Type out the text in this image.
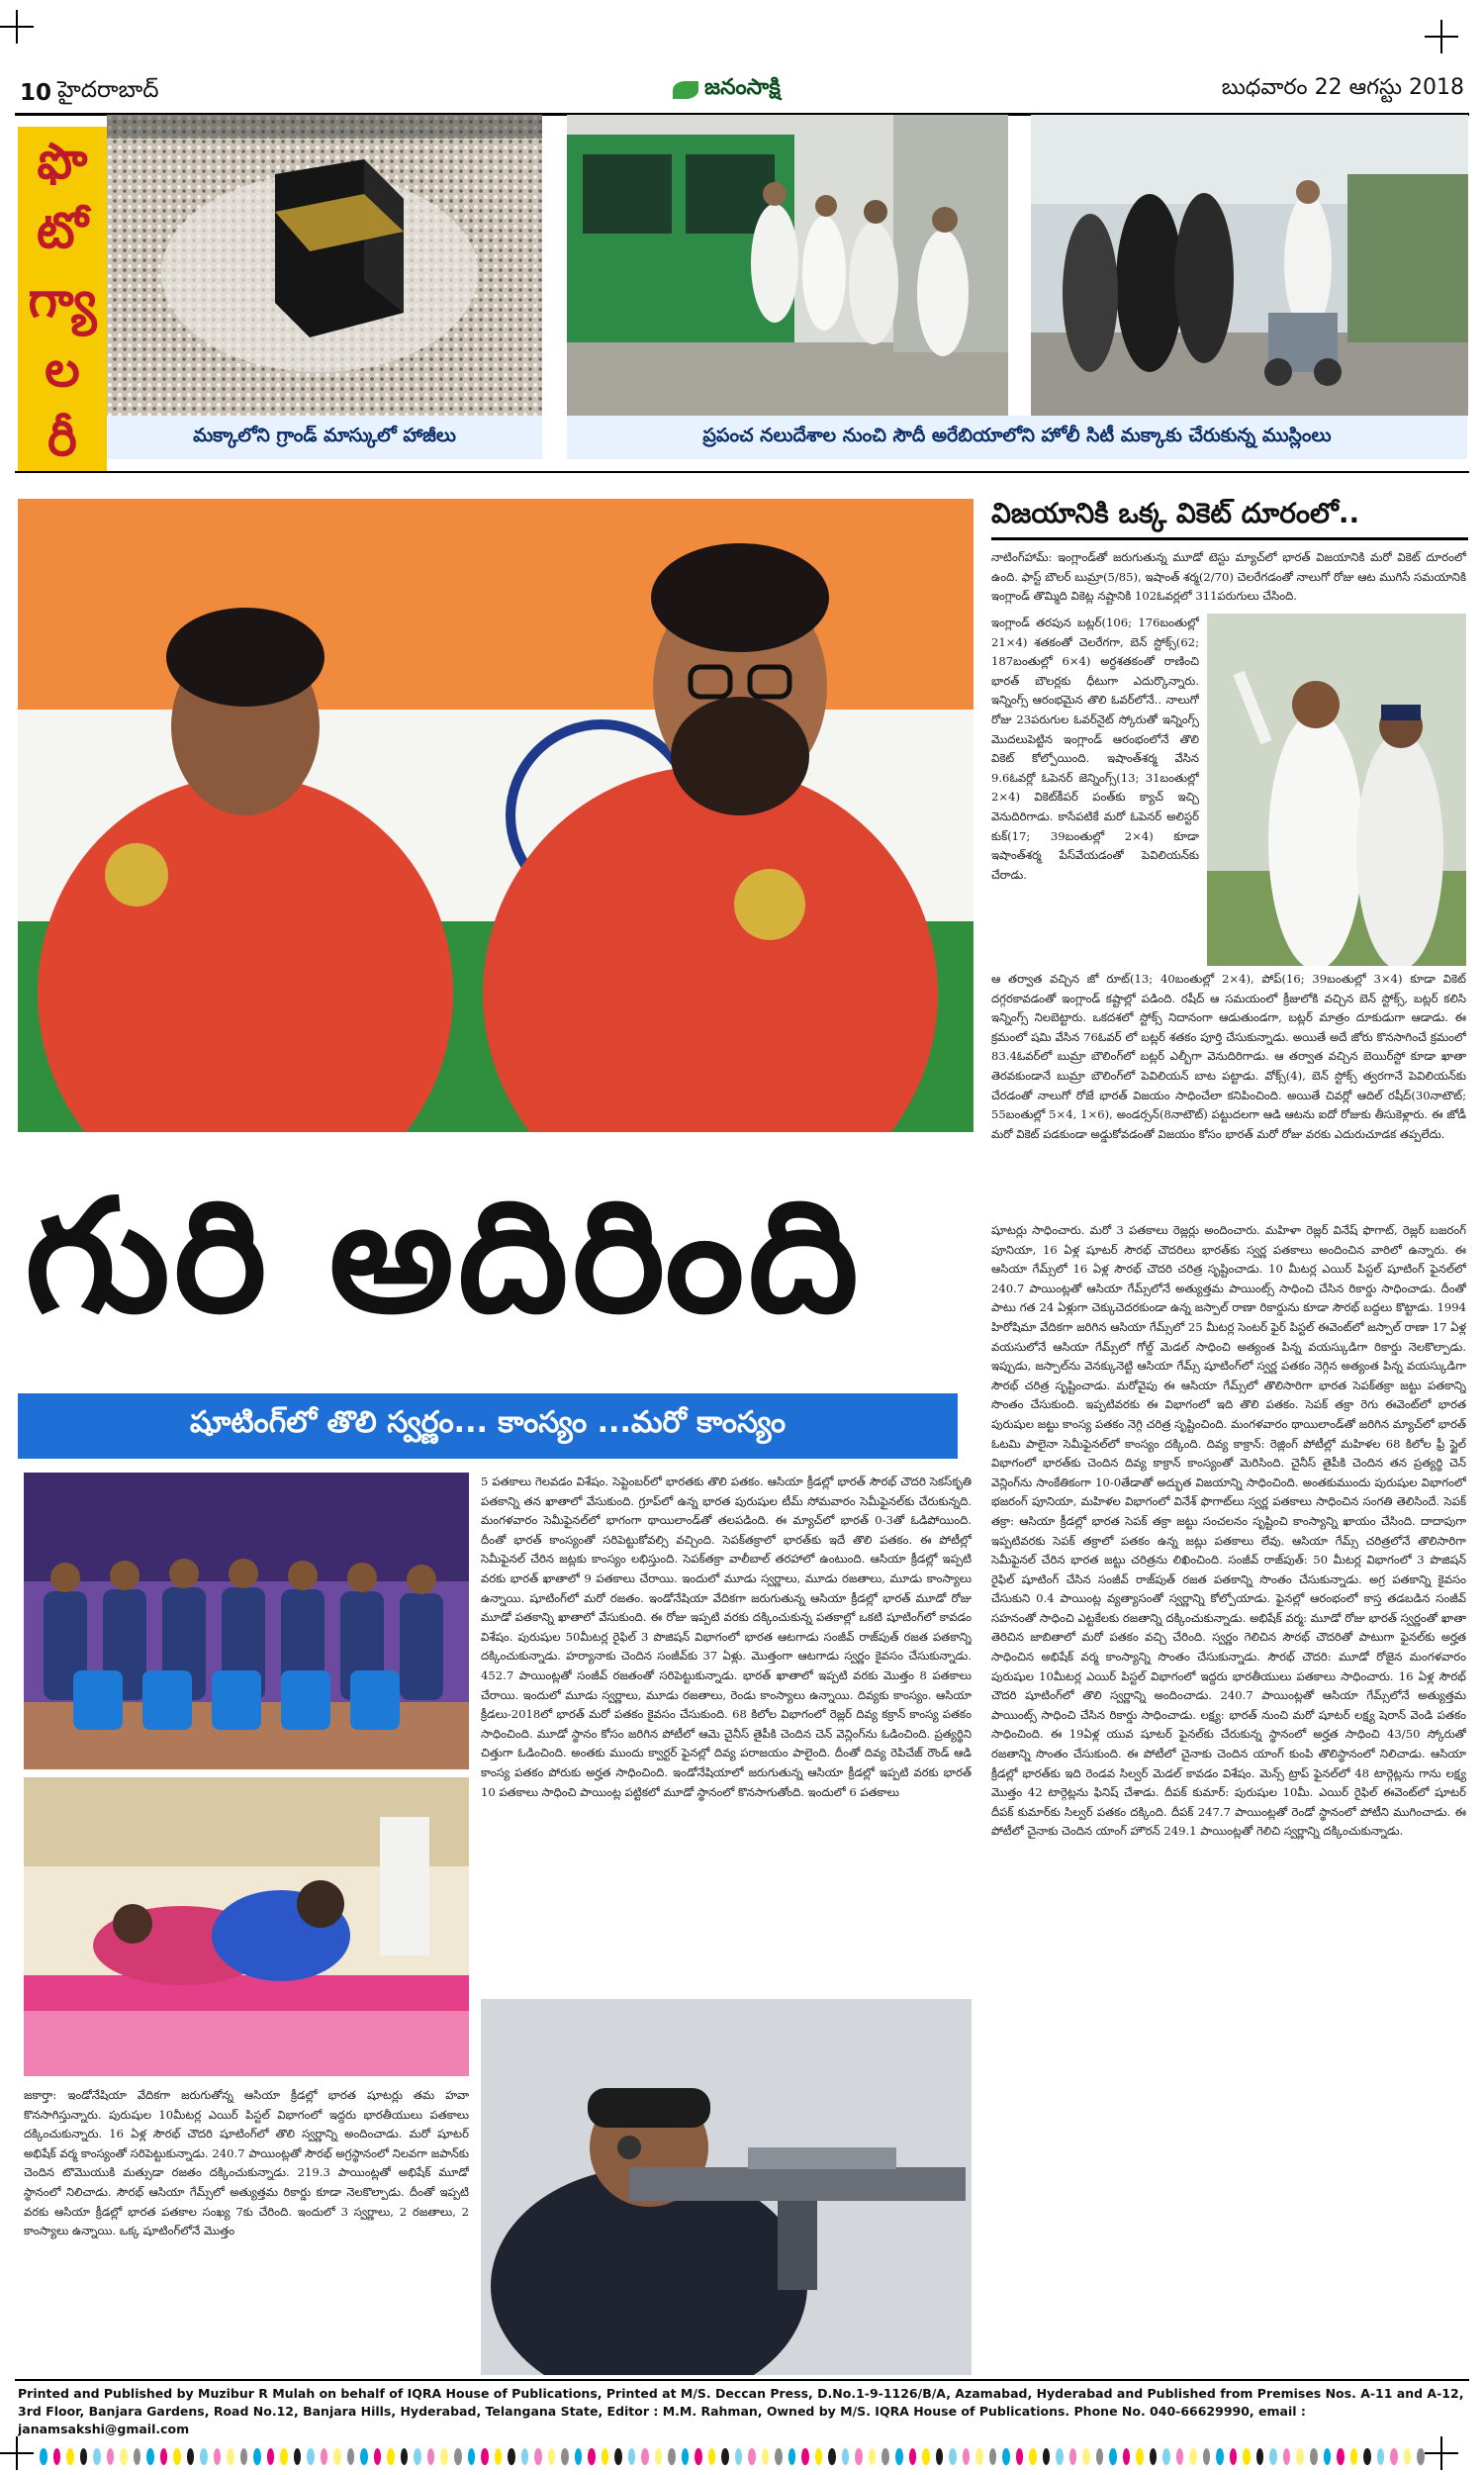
10 హైదరాబాద్	జనంసాక్షి	బుధవారం 22 ఆగస్టు 2018
ఫొ
టో
గ్యా
ల
రీ	మక్కాలోని గ్రాండ్ మాస్కులో హాజీలు	ప్రపంచ నలుదేశాల నుంచి సౌదీ అరేబియాలోని హోలీ సిటీ మక్కాకు చేరుకున్న ముస్లింలు
విజయానికి ఒక్క వికెట్ దూరంలో..
నాటింగ్‌హామ్: ఇంగ్లాండ్‌తో జరుగుతున్న మూడో టెస్టు మ్యాచ్‌లో భారత్ విజయానికి మరో వికెట్ దూరంలో ఉంది. ఫాస్ట్ బౌలర్ బుమ్రా(5/85), ఇషాంత్ శర్మ(2/70) చెలరేగడంతో నాలుగో రోజు ఆట ముగిసే సమయానికి ఇంగ్లాండ్ తొమ్మిది వికెట్ల నష్టానికి 102ఓవర్లలో 311పరుగులు చేసింది.
ఇంగ్లాండ్ తరపున బట్లర్(106; 176బంతుల్లో 21×4) శతకంతో చెలరేగగా, బెన్ స్టోక్స్(62; 187బంతుల్లో 6×4) అర్ధశతకంతో రాణించి భారత్ బౌలర్లకు ధీటుగా ఎదుర్కొన్నారు. ఇన్నింగ్స్ ఆరంభమైన తొలి ఓవర్‌లోనే.. నాలుగో రోజు 23పరుగుల ఓవర్‌నైట్ స్కోరుతో ఇన్నింగ్స్ మొదలుపెట్టిన ఇంగ్లాండ్ ఆరంభంలోనే తొలి వికెట్ కోల్పోయింది. ఇషాంత్‌శర్మ వేసిన 9.6ఓవర్లో ఓపెనర్ జెన్నింగ్స్(13; 31బంతుల్లో 2×4) వికెట్‌కీపర్ పంత్‌కు క్యాచ్ ఇచ్చి వెనుదిరిగాడు. కాసేపటికే మరో ఓపెనర్ అలిస్టర్ కుక్(17; 39బంతుల్లో 2×4) కూడా ఇషాంత్‌శర్మ పేస్‌వేయడంతో పెవిలియన్‌కు చేరాడు.
ఆ తర్వాత వచ్చిన జో రూట్(13; 40బంతుల్లో 2×4), పోప్(16; 39బంతుల్లో 3×4) కూడా వికెట్ దగ్గరకావడంతో ఇంగ్లాండ్ కష్టాల్లో పడింది. రషీద్ ఆ సమయంలో క్రీజులోకి వచ్చిన బెన్ స్టోక్స్, బట్లర్ కలిసి ఇన్నింగ్స్ నిలబెట్టారు. ఒకదశలో స్టోక్స్ నిదానంగా ఆడుతుండగా, బట్లర్ మాత్రం దూకుడుగా ఆడాడు. ఈ క్రమంలో షమి వేసిన 76ఓవర్ లో బట్లర్ శతకం పూర్తి చేసుకున్నాడు. అయితే అదే జోరు కొనసాగించే క్రమంలో 83.4ఓవర్‌లో బుమ్రా బౌలింగ్‌లో బట్లర్ ఎల్బీగా వెనుదిరిగాడు. ఆ తర్వాత వచ్చిన బెయిర్‌స్టో కూడా ఖాతా తెరవకుండానే బుమ్రా బౌలింగ్‌లో పెవిలియన్ బాట పట్టాడు. వోక్స్(4), బెన్ స్టోక్స్ త్వరగానే పెవిలియన్‌కు చేరడంతో నాలుగో రోజే భారత్ విజయం సాధించేలా కనిపించింది. అయితే చివర్లో ఆదిల్ రషీద్(30నాటౌట్; 55బంతుల్లో 5×4, 1×6), అండర్సన్(8నాటౌట్) పట్టుదలగా ఆడి ఆటను ఐదో రోజుకు తీసుకెళ్లారు. ఈ జోడీ మరో వికెట్ పడకుండా అడ్డుకోవడంతో విజయం కోసం భారత్ మరో రోజు వరకు ఎదురుచూడక తప్పలేదు.
గురి అదిరింది
షూటింగ్‌లో తొలి స్వర్ణం... కాంస్యం ...మరో కాంస్యం
షూటర్లు సాధించారు. మరో 3 పతకాలు రెజ్లర్లు అందించారు. మహిళా రెజ్లర్ వినేష్ ఫొగాట్, రెజ్లర్ బజరంగ్ పూనియా, 16 ఏళ్ల షూటర్ సౌరభ్ చౌదరిలు భారత్‌కు స్వర్ణ పతకాలు అందించిన వారిలో ఉన్నారు. ఈ ఆసియా గేమ్స్‌లో 16 ఏళ్ల సౌరభ్ చౌదరి చరిత్ర సృష్టించాడు. 10 మీటర్ల ఎయిర్ పిస్టల్ షూటింగ్ ఫైనల్‌లో 240.7 పాయింట్లతో ఆసియా గేమ్స్‌లోనే అత్యుత్తమ పాయింట్స్ సాధించి చేసిన రికార్డు సాధించాడు. దీంతో పాటు గత 24 ఏళ్లుగా చెక్కుచెదరకుండా ఉన్న జస్పాల్ రాణా రికార్డును కూడా సౌరభ్ బద్దలు కొట్టాడు. 1994 హిరోషిమా వేదికగా జరిగిన ఆసియా గేమ్స్‌లో 25 మీటర్ల సెంటర్ ఫైర్ పిస్టల్ ఈవెంట్‌లో జస్పాల్ రాణా 17 ఏళ్ల వయసులోనే ఆసియా గేమ్స్‌లో గోల్డ్ మెడల్ సాధించి అత్యంత పిన్న వయస్కుడిగా రికార్డు నెలకొల్పాడు. ఇప్పుడు, జస్పాల్‌ను వెనక్కునెట్టి ఆసియా గేమ్స్ షూటింగ్‌లో స్వర్ణ పతకం నెగ్గిన అత్యంత పిన్న వయస్కుడిగా సౌరభ్ చరిత్ర సృష్టించాడు. మరోవైపు ఈ ఆసియా గేమ్స్‌లో తొలిసారిగా భారత సెపక్‌తక్రా జట్టు పతకాన్ని సొంతం చేసుకుంది. ఇప్పటివరకు ఈ విభాగంలో ఇది తొలి పతకం. సెపక్ తక్రా రెగు ఈవెంట్‌లో భారత పురుషుల జట్టు కాంస్య పతకం నెగ్గి చరిత్ర సృష్టించింది. మంగళవారం థాయిలాండ్‌తో జరిగిన మ్యాచ్‌లో భారత్ ఓటమి పాలైనా సెమీఫైనల్‌లో కాంస్యం దక్కింది. దివ్య కాక్రాన్: రెజ్లింగ్ పోటీల్లో మహిళల 68 కిలోల ఫ్రీ స్టైల్ విభాగంలో భారత్‌కు చెందిన దివ్య కాక్రాన్ కాంస్యంతో మెరిసింది. చైనీస్ తైపీకి చెందిన తన ప్రత్యర్థి చెన్ వెన్లింగ్‌ను సాంకేతికంగా 10-0తేడాతో అద్భుత విజయాన్ని సాధించింది. అంతకుముందు పురుషుల విభాగంలో భజరంగ్ పూనియా, మహిళల విభాగంలో వినేశ్ ఫొగాట్‌లు స్వర్ణ పతకాలు సాధించిన సంగతి తెలిసిందే. సెపక్ తక్రా: ఆసియా క్రీడల్లో భారత సెపక్ తక్రా జట్టు సంచలనం సృష్టించి కాంస్యాన్ని ఖాయం చేసింది. దాదాపుగా ఇప్పటివరకు సెపక్ తక్రాలో పతకం ఉన్న జట్లు పతకాలు లేవు. ఆసియా గేమ్స్ చరిత్రలోనే తొలిసారిగా సెమీఫైనల్ చేరిన భారత జట్టు చరిత్రను లిఖించింది. సంజీవ్ రాజ్‌పుత్: 50 మీటర్ల విభాగంలో 3 పొజిషన్ రైఫిల్ షూటింగ్ చేసిన సంజీవ్ రాజ్‌పుత్ రజత పతకాన్ని సొంతం చేసుకున్నాడు. అగ్ర పతకాన్ని కైవసం చేసుకుని 0.4 పాయింట్ల వ్యత్యాసంతో స్వర్ణాన్ని కోల్పోయాడు. ఫైనల్లో ఆరంభంలో కాస్త తడబడిన సంజీవ్ సహనంతో సాధించి ఎట్టకేలకు రజతాన్ని దక్కించుకున్నాడు. అభిషేక్ వర్మ: మూడో రోజు భారత్ స్వర్ణంతో ఖాతా తెరిచిన జాబితాలో మరో పతకం వచ్చి చేరింది. స్వర్ణం గెలిచిన సౌరభ్ చౌదరితో పాటుగా ఫైనల్‌కు అర్హత సాధించిన అభిషేక్ వర్మ కాంస్యాన్ని సొంతం చేసుకున్నాడు. సౌరభ్ చౌదరి: మూడో రోజైన మంగళవారం పురుషుల 10మీటర్ల ఎయిర్ పిస్టల్ విభాగంలో ఇద్దరు భారతీయులు పతకాలు సాధించారు. 16 ఏళ్ల సౌరభ్ చౌదరి షూటింగ్‌లో తొలి స్వర్ణాన్ని అందించాడు. 240.7 పాయింట్లతో ఆసియా గేమ్స్‌లోనే అత్యుత్తమ పాయింట్స్ సాధించి చేసిన రికార్డు సాధించాడు. లక్ష్య: భారత్ నుంచి మరో షూటర్ లక్ష్య షెరాన్ వెండి పతకం సాధించింది. ఈ 19ఏళ్ల యువ షూటర్ ఫైనల్‌కు చేరుకున్న స్థానంలో అర్హత సాధించి 43/50 స్కోరుతో రజతాన్ని సొంతం చేసుకుంది. ఈ పోటీలో చైనాకు చెందిన యాంగ్ కుంపి తొలిస్థానంలో నిలిచాడు. ఆసియా క్రీడల్లో భారత్‌కు ఇది రెండవ సిల్వర్ మెడల్ కావడం విశేషం. మెన్స్ ట్రాప్ ఫైనల్‌లో 48 టార్గెట్లను గాను లక్ష్య మొత్తం 42 టార్గెట్లను ఫినిష్ చేశాడు. దీపక్ కుమార్: పురుషుల 10మీ. ఎయిర్ రైఫిల్ ఈవెంట్‌లో షూటర్ దీపక్ కుమార్‌కు సిల్వర్ పతకం దక్కింది. దీపక్ 247.7 పాయింట్లతో రెండో స్థానంలో పోటీని ముగించాడు. ఈ పోటీలో చైనాకు చెందిన యాంగ్ హౌరన్ 249.1 పాయింట్లతో గెలిచి స్వర్ణాన్ని దక్కించుకున్నాడు.
5 పతకాలు గెలవడం విశేషం. సెప్టెంబర్‌లో భారతకు తొలి పతకం. ఆసియా క్రీడల్లో భారత్ సౌరభ్ చౌదరి సెకస్‌కృతి పతకాన్ని తన ఖాతాలో వేసుకుంది. గ్రూప్‌‌లో ఉన్న భారత పురుషుల టీమ్ సోమవారం సెమీఫైనల్‌కు చేరుకున్నది. మంగళవారం సెమీఫైనల్‌లో భాగంగా థాయిలాండ్‌తో తలపడింది. ఈ మ్యాచ్‌లో భారత్ 0-3తో ఓడిపోయింది. దీంతో భారత్ కాంస్యంతో సరిపెట్టుకోవల్సి వచ్చింది. సెపక్‌తక్రాలో భారత్‌కు ఇదే తొలి పతకం. ఈ పోటీల్లో సెమీఫైనల్ చేరిన జట్లకు కాంస్యం లభిస్తుంది. సెపక్‌తక్రా వాలీబాల్ తరహాలో ఉంటుంది. ఆసియా క్రీడల్లో ఇప్పటి వరకు భారత్ ఖాతాలో 9 పతకాలు చేరాయి. ఇందులో మూడు స్వర్ణాలు, మూడు రజతాలు, మూడు కాంస్యాలు ఉన్నాయి. షూటింగ్‌లో మరో రజతం. ఇండోనేషియా వేదికగా జరుగుతున్న ఆసియా క్రీడల్లో భారత్ మూడో రోజు మూడో పతకాన్ని ఖాతాలో వేసుకుంది. ఈ రోజు ఇప్పటి వరకు దక్కించుకున్న పతకాల్లో ఒకటి షూటింగ్‌లో కావడం విశేషం. పురుషుల 50మీటర్ల రైఫిల్ 3 పొజిషన్ విభాగంలో భారత ఆటగాడు సంజీవ్ రాజ్‌పుత్ రజత పతకాన్ని దక్కించుకున్నాడు. హర్యానాకు చెందిన సంజీవ్‌కు 37 ఏళ్లు. మొత్తంగా ఆటగాడు స్వర్ణం కైవసం చేసుకున్నాడు. 452.7 పాయింట్లతో సంజీవ్ రజతంతో సరిపెట్టుకున్నాడు. భారత్ ఖాతాలో ఇప్పటి వరకు మొత్తం 8 పతకాలు చేరాయి. ఇందులో మూడు స్వర్ణాలు, మూడు రజతాలు, రెండు కాంస్యాలు ఉన్నాయి. దివ్యకు కాంస్యం. ఆసియా క్రీడలు-2018లో భారత్ మరో పతకం కైవసం చేసుకుంది. 68 కిలోల విభాగంలో రెజ్లర్ దివ్య కక్రాన్ కాంస్య పతకం సాధించింది. మూడో స్థానం కోసం జరిగిన పోటీలో ఆమె చైనీస్ తైపీకి చెందిన చెన్ వెన్లింగ్‌ను ఓడించింది. ప్రత్యర్థిని చిత్తుగా ఓడించింది. అంతకు ముందు క్వార్టర్ ఫైనల్లో దివ్య పరాజయం పాలైంది. దీంతో దివ్య రెపిచేజ్ రౌండ్ ఆడి కాంస్య పతకం పోరుకు అర్హత సాధించింది. ఇండోనేషియాలో జరుగుతున్న ఆసియా క్రీడల్లో ఇప్పటి వరకు భారత్ 10 పతకాలు సాధించి పాయింట్ల పట్టికలో మూడో స్థానంలో కొనసాగుతోంది. ఇందులో 6 పతకాలు
జకార్తా: ఇండోనేషియా వేదికగా జరుగుతోన్న ఆసియా క్రీడల్లో భారత షూటర్లు తమ హవా కొనసాగిస్తున్నారు. పురుషుల 10మీటర్ల ఎయిర్ పిస్టల్ విభాగంలో ఇద్దరు భారతీయులు పతకాలు దక్కించుకున్నారు. 16 ఏళ్ల సౌరభ్ చౌదరి షూటింగ్‌లో తొలి స్వర్ణాన్ని అందించాడు. మరో షూటర్ అభిషేక్ వర్మ కాంస్యంతో సరిపెట్టుకున్నాడు. 240.7 పాయింట్లతో సౌరభ్ అగ్రస్థానంలో నిలవగా జపాన్‌కు చెందిన టొమొయుకి మత్సుడా రజతం దక్కించుకున్నాడు. 219.3 పాయింట్లతో అభిషేక్ మూడో స్థానంలో నిలిచాడు. సౌరభ్ ఆసియా గేమ్స్‌లో అత్యుత్తమ రికార్డు కూడా నెలకొల్పాడు. దీంతో ఇప్పటి వరకు ఆసియా క్రీడల్లో భారత పతకాల సంఖ్య 7కు చేరింది. ఇందులో 3 స్వర్ణాలు, 2 రజతాలు, 2 కాంస్యాలు ఉన్నాయి. ఒక్క షూటింగ్‌లోనే మొత్తం
Printed and Published by Muzibur R Mulah on behalf of IQRA House of Publications, Printed at M/S. Deccan Press, D.No.1-9-1126/B/A, Azamabad, Hyderabad and Published from Premises Nos. A-11 and A-12, 3rd Floor, Banjara Gardens, Road No.12, Banjara Hills, Hyderabad, Telangana State, Editor : M.M. Rahman, Owned by M/S. IQRA House of Publications. Phone No. 040-66629990, email : janamsakshi@gmail.com
